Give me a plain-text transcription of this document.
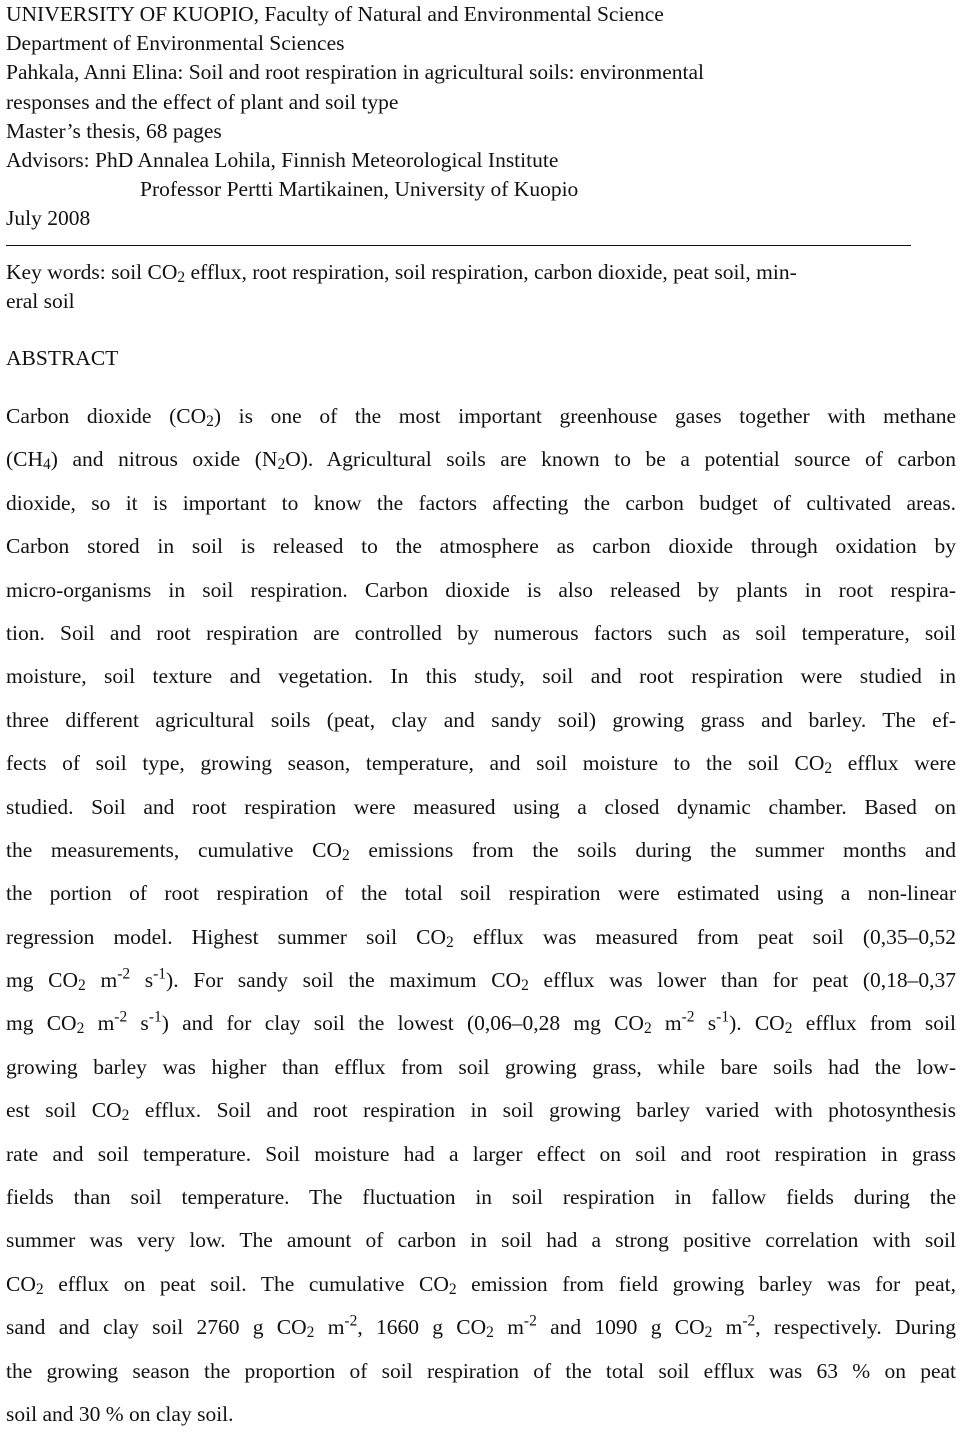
UNIVERSITY OF KUOPIO, Faculty of Natural and Environmental Science
Department of Environmental Sciences
Pahkala, Anni Elina: Soil and root respiration in agricultural soils: environmental
responses and the effect of plant and soil type
Master’s thesis, 68 pages
Advisors: PhD Annalea Lohila, Finnish Meteorological Institute
Professor Pertti Martikainen, University of Kuopio
July 2008
Key words: soil $CO_2$ efflux, root respiration, soil respiration, carbon dioxide, peat soil, min-
eral soil
ABSTRACT
Carbon dioxide $(CO_2)$ is one of the most important greenhouse gases together with methane
$(CH_4)$ and nitrous oxide $(N_2O)$. Agricultural soils are known to be a potential source of carbon
dioxide, so it is important to know the factors affecting the carbon budget of cultivated areas.
Carbon stored in soil is released to the atmosphere as carbon dioxide through oxidation by
micro-organisms in soil respiration. Carbon dioxide is also released by plants in root respira-
tion. Soil and root respiration are controlled by numerous factors such as soil temperature, soil
moisture, soil texture and vegetation. In this study, soil and root respiration were studied in
three different agricultural soils (peat, clay and sandy soil) growing grass and barley. The ef-
fects of soil type, growing season, temperature, and soil moisture to the soil $CO_2$ efflux were
studied. Soil and root respiration were measured using a closed dynamic chamber. Based on
the measurements, cumulative $CO_2$ emissions from the soils during the summer months and
the portion of root respiration of the total soil respiration were estimated using a non-linear
regression model. Highest summer soil $CO_2$ efflux was measured from peat soil (0,35–0,52
mg $CO_2$ $m^{-2}$ $s^{-1}$). For sandy soil the maximum $CO_2$ efflux was lower than for peat (0,18–0,37
mg $CO_2$ $m^{-2}$ $s^{-1}$) and for clay soil the lowest (0,06–0,28 mg $CO_2$ $m^{-2}$ $s^{-1}$). $CO_2$ efflux from soil
growing barley was higher than efflux from soil growing grass, while bare soils had the low-
est soil $CO_2$ efflux. Soil and root respiration in soil growing barley varied with photosynthesis
rate and soil temperature. Soil moisture had a larger effect on soil and root respiration in grass
fields than soil temperature. The fluctuation in soil respiration in fallow fields during the
summer was very low. The amount of carbon in soil had a strong positive correlation with soil
$CO_2$ efflux on peat soil. The cumulative $CO_2$ emission from field growing barley was for peat,
sand and clay soil 2760 g $CO_2$ $m^{-2}$, 1660 g $CO_2$ $m^{-2}$ and 1090 g $CO_2$ $m^{-2}$, respectively. During
the growing season the proportion of soil respiration of the total soil efflux was 63 % on peat
soil and 30 % on clay soil.
